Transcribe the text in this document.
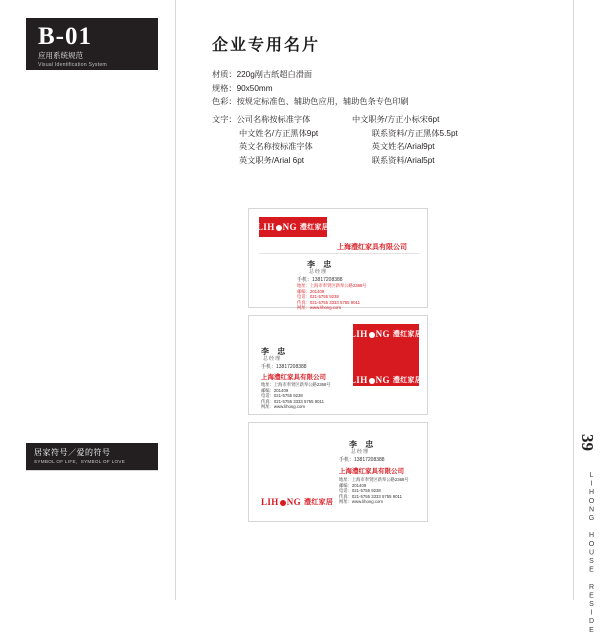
B-01
应用系统规范
Visual Identification System
企业专用名片
材质：220g剐古纸超白滑面
规格：90x50mm
色彩：按规定标准色、辅助色应用，辅助色条专色印刷
文字：公司名称按标准字体	中文职务/方正小标宋6pt
中文姓名/方正黑体9pt	联系资料/方正黑体5.5pt
英文名称按标准字体	英文姓名/Arial9pt
英文职务/Arial 6pt	联系资料/Arial5pt
LIH NG 澧红家居
上海澧红家具有限公司
李 忠
总经理
手机：13817208388
地址：上海市奉贤区新奉公路2368号
邮编：201409
电话：021-5755 9238
传真：021-5755 3333 5755 9011
网址：www.lihong.com
LIH NG 澧红家居
李 忠
总经理
手机：13817208388
上海澧红家具有限公司
地址：上海市奉贤区新奉公路2368号
邮编：201409
电话：021-5755 9238
传真：021-5755 3333 5755 9011
网址：www.lihong.com
LIH NG 澧红家居
李 忠
总经理
手机：13817208388
上海澧红家具有限公司
地址：上海市奉贤区新奉公路2368号
邮编：201409
电话：021-5755 9238
传真：021-5755 3333 5755 9011
网址：www.lihong.com
LIH NG 澧红家居
居家符号／爱的符号
SYMBOL OF LIFE，SYMBOL OF LOVE
39
LIHONG HOUSE RESIDE
